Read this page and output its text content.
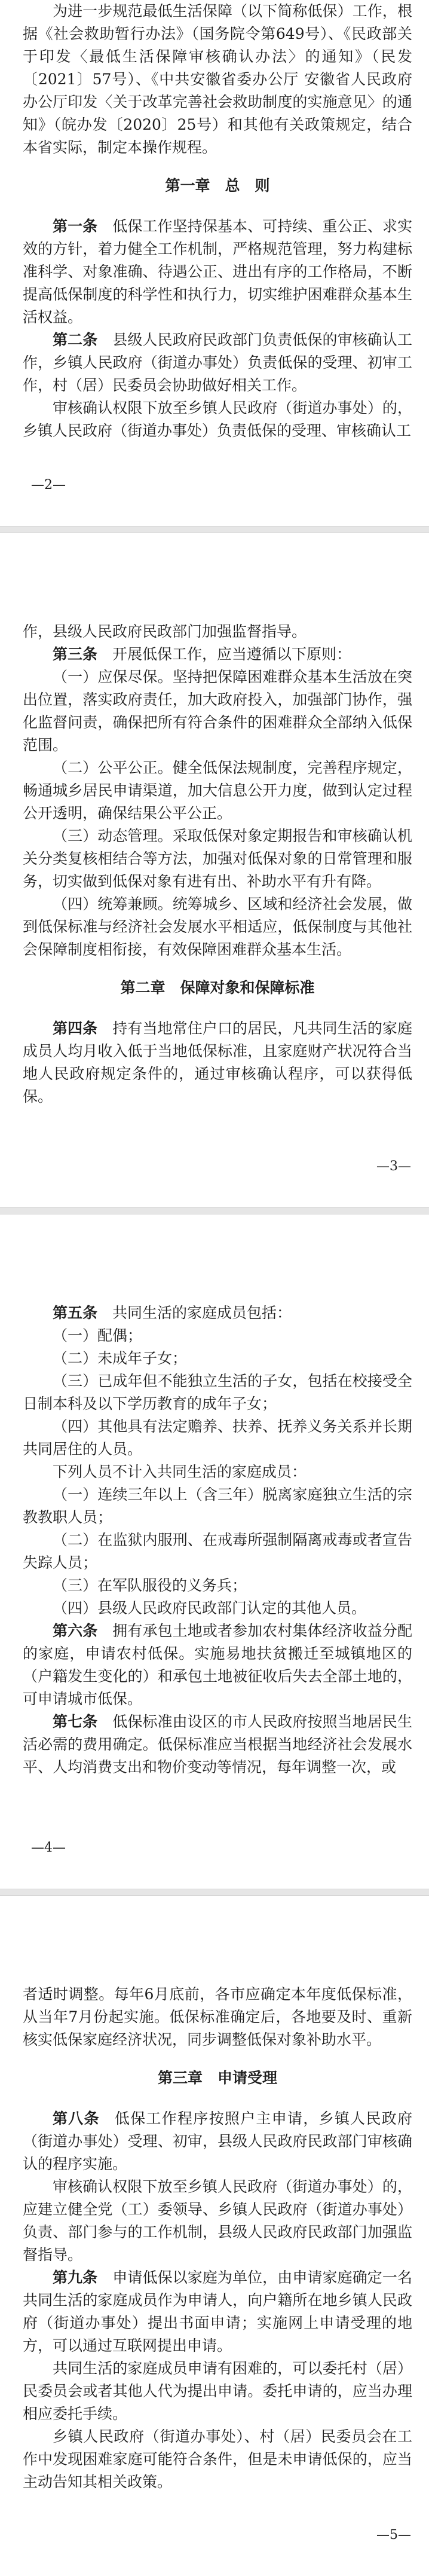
为进一步规范最低生活保障（以下简称低保）工作，根据《社会救助暂行办法》（国务院令第649号）、《民政部关于印发〈最低生活保障审核确认办法〉的通知》（民发〔2021〕57号）、《中共安徽省委办公厅 安徽省人民政府办公厅印发〈关于改革完善社会救助制度的实施意见〉的通知》（皖办发〔2020〕25号）和其他有关政策规定，结合本省实际，制定本操作规程。

第一章　总　则

第一条 低保工作坚持保基本、可持续、重公正、求实效的方针，着力健全工作机制，严格规范管理，努力构建标准科学、对象准确、待遇公正、进出有序的工作格局，不断提高低保制度的科学性和执行力，切实维护困难群众基本生活权益。

第二条 县级人民政府民政部门负责低保的审核确认工作，乡镇人民政府（街道办事处）负责低保的受理、初审工作，村（居）民委员会协助做好相关工作。

审核确认权限下放至乡镇人民政府（街道办事处）的，乡镇人民政府（街道办事处）负责低保的受理、审核确认工

—2—

作，县级人民政府民政部门加强监督指导。

第三条 开展低保工作，应当遵循以下原则：

（一）应保尽保。坚持把保障困难群众基本生活放在突出位置，落实政府责任，加大政府投入，加强部门协作，强化监督问责，确保把所有符合条件的困难群众全部纳入低保范围。

（二）公平公正。健全低保法规制度，完善程序规定，畅通城乡居民申请渠道，加大信息公开力度，做到认定过程公开透明，确保结果公平公正。

（三）动态管理。采取低保对象定期报告和审核确认机关分类复核相结合等方法，加强对低保对象的日常管理和服务，切实做到低保对象有进有出、补助水平有升有降。

（四）统筹兼顾。统筹城乡、区域和经济社会发展，做到低保标准与经济社会发展水平相适应，低保制度与其他社会保障制度相衔接，有效保障困难群众基本生活。

第二章　保障对象和保障标准

第四条 持有当地常住户口的居民，凡共同生活的家庭成员人均月收入低于当地低保标准，且家庭财产状况符合当地人民政府规定条件的，通过审核确认程序，可以获得低保。

—3—

第五条 共同生活的家庭成员包括：

（一）配偶；

（二）未成年子女；

（三）已成年但不能独立生活的子女，包括在校接受全日制本科及以下学历教育的成年子女；

（四）其他具有法定赡养、扶养、抚养义务关系并长期共同居住的人员。

下列人员不计入共同生活的家庭成员：

（一）连续三年以上（含三年）脱离家庭独立生活的宗教教职人员；

（二）在监狱内服刑、在戒毒所强制隔离戒毒或者宣告失踪人员；

（三）在军队服役的义务兵；

（四）县级人民政府民政部门认定的其他人员。

第六条 拥有承包土地或者参加农村集体经济收益分配的家庭，申请农村低保。实施易地扶贫搬迁至城镇地区的（户籍发生变化的）和承包土地被征收后失去全部土地的，可申请城市低保。

第七条 低保标准由设区的市人民政府按照当地居民生活必需的费用确定。低保标准应当根据当地经济社会发展水平、人均消费支出和物价变动等情况，每年调整一次，或

—4—

者适时调整。每年6月底前，各市应确定本年度低保标准，从当年7月份起实施。低保标准确定后，各地要及时、重新核实低保家庭经济状况，同步调整低保对象补助水平。

第三章　申请受理

第八条 低保工作程序按照户主申请，乡镇人民政府（街道办事处）受理、初审，县级人民政府民政部门审核确认的程序实施。

审核确认权限下放至乡镇人民政府（街道办事处）的，应建立健全党（工）委领导、乡镇人民政府（街道办事处）负责、部门参与的工作机制，县级人民政府民政部门加强监督指导。

第九条 申请低保以家庭为单位，由申请家庭确定一名共同生活的家庭成员作为申请人，向户籍所在地乡镇人民政府（街道办事处）提出书面申请；实施网上申请受理的地方，可以通过互联网提出申请。

共同生活的家庭成员申请有困难的，可以委托村（居）民委员会或者其他人代为提出申请。委托申请的，应当办理相应委托手续。

乡镇人民政府（街道办事处）、村（居）民委员会在工作中发现困难家庭可能符合条件，但是未申请低保的，应当主动告知其相关政策。

—5—
